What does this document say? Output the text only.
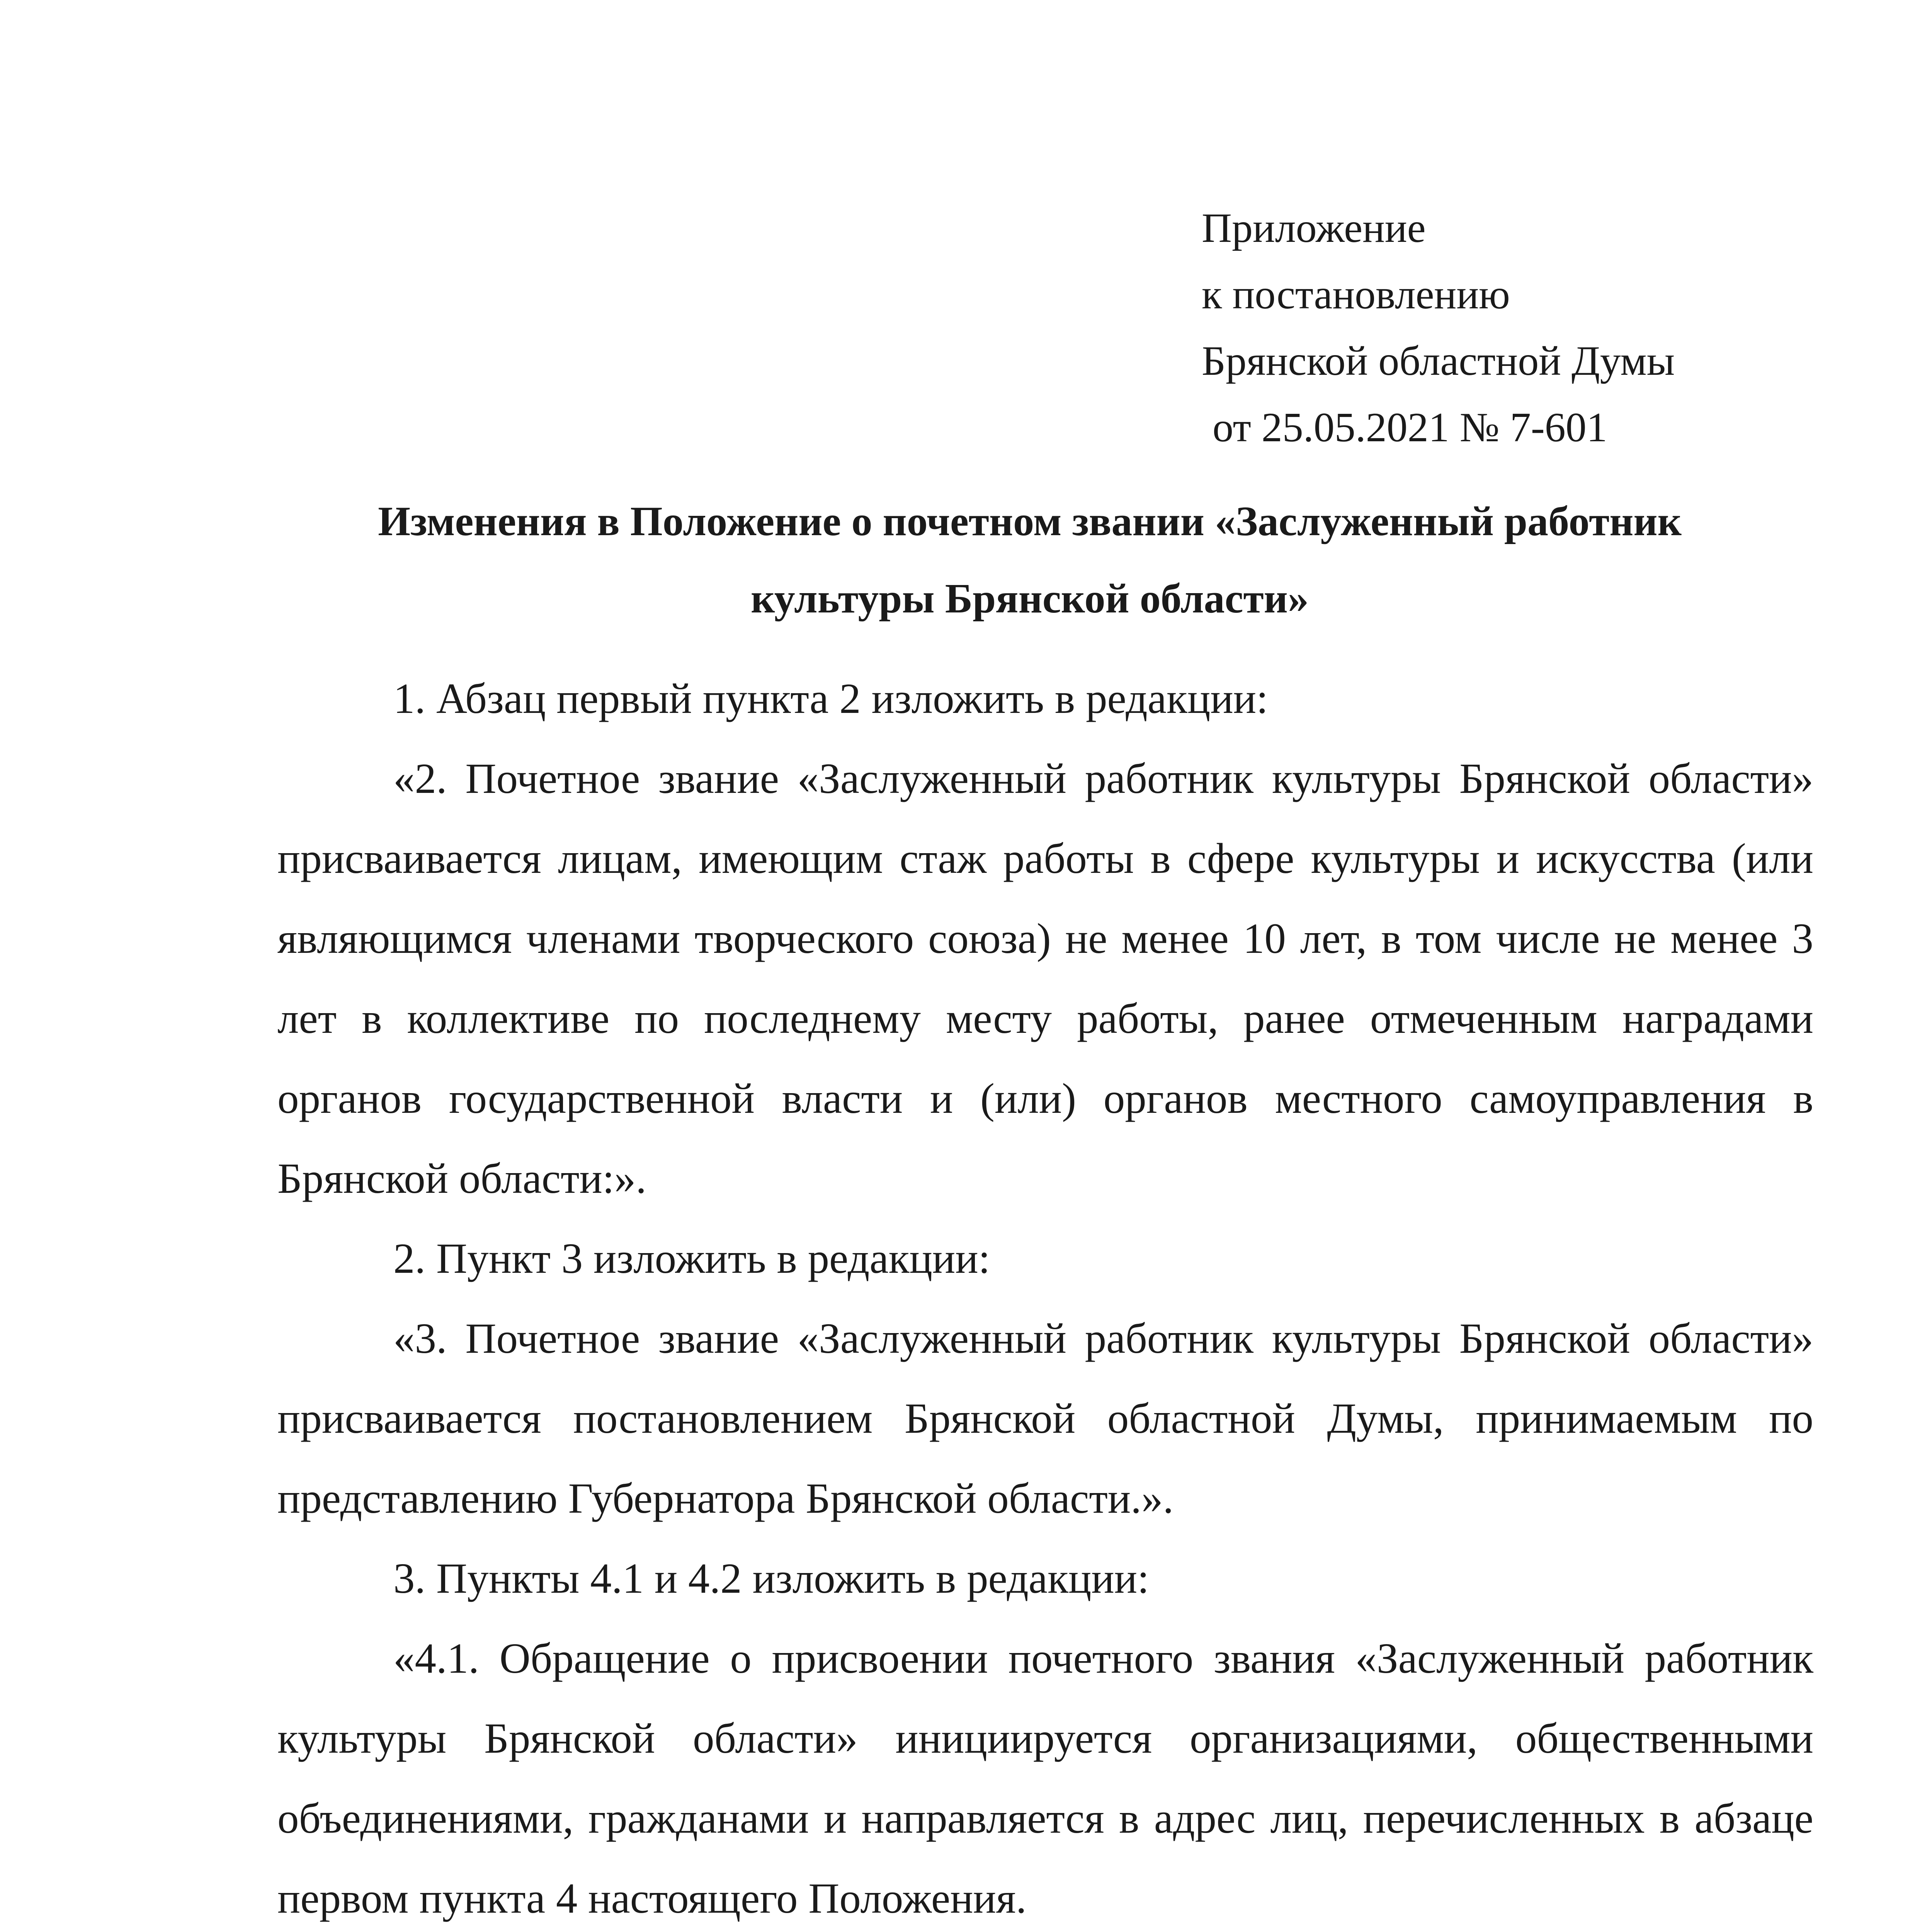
Приложение
к постановлению
Брянской областной Думы
от 25.05.2021 № 7-601
Изменения в Положение о почетном звании «Заслуженный работник
культуры Брянской области»

1. Абзац первый пункта 2 изложить в редакции:

«2. Почетное звание «Заслуженный работник культуры Брянской области» присваивается лицам, имеющим стаж работы в сфере культуры и искусства (или являющимся членами творческого союза) не менее 10 лет, в том числе не менее 3 лет в коллективе по последнему месту работы, ранее отмеченным наградами органов государственной власти и (или) органов местного самоуправления в Брянской области:».

2. Пункт 3 изложить в редакции:

«3. Почетное звание «Заслуженный работник культуры Брянской области» присваивается постановлением Брянской областной Думы, принимаемым по представлению Губернатора Брянской области.».

3. Пункты 4.1 и 4.2 изложить в редакции:

«4.1. Обращение о присвоении почетного звания «Заслуженный работник культуры Брянской области» инициируется организациями, общественными объединениями, гражданами и направляется в адрес лиц, перечисленных в абзаце первом пункта 4 настоящего Положения.
